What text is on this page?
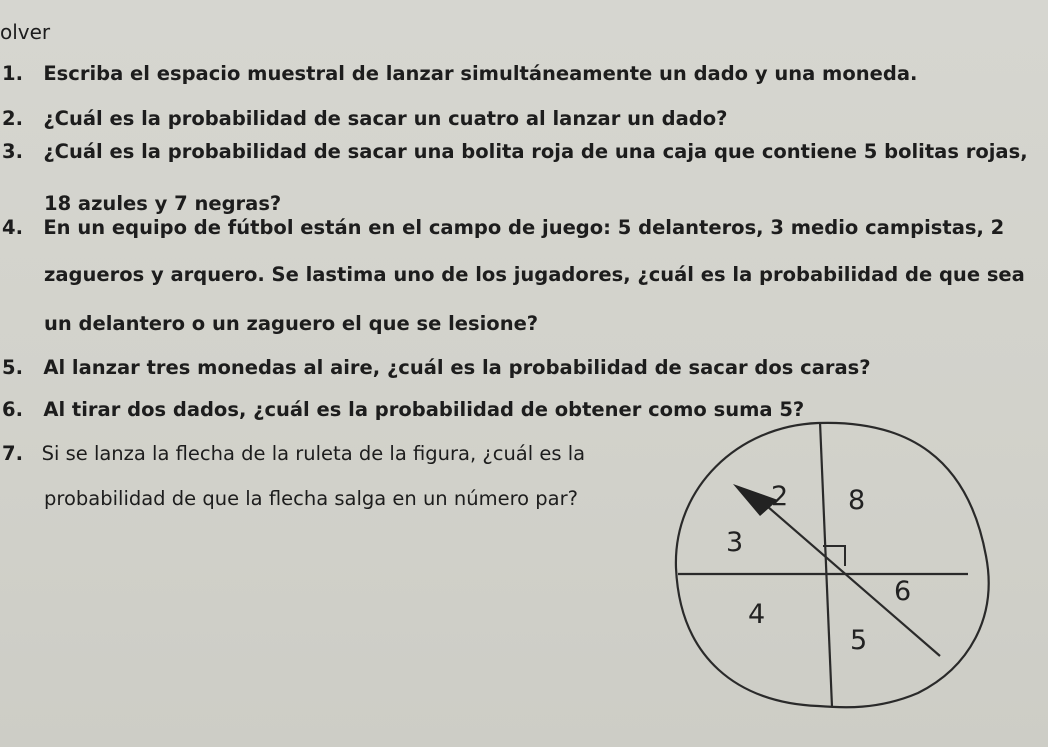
olver
1. Escriba el espacio muestral de lanzar simultáneamente un dado y una moneda.
2. ¿Cuál es la probabilidad de sacar un cuatro al lanzar un dado?
3. ¿Cuál es la probabilidad de sacar una bolita roja de una caja que contiene 5 bolitas rojas,
18 azules y 7 negras?
4. En un equipo de fútbol están en el campo de juego: 5 delanteros, 3 medio campistas, 2
zagueros y arquero. Se lastima uno de los jugadores, ¿cuál es la probabilidad de que sea
un delantero o un zaguero el que se lesione?
5. Al lanzar tres monedas al aire, ¿cuál es la probabilidad de sacar dos caras?
6. Al tirar dos dados, ¿cuál es la probabilidad de obtener como suma 5?
7. Si se lanza la flecha de la ruleta de la figura, ¿cuál es la
probabilidad de que la flecha salga en un número par?	2 8
3
6
4
5
